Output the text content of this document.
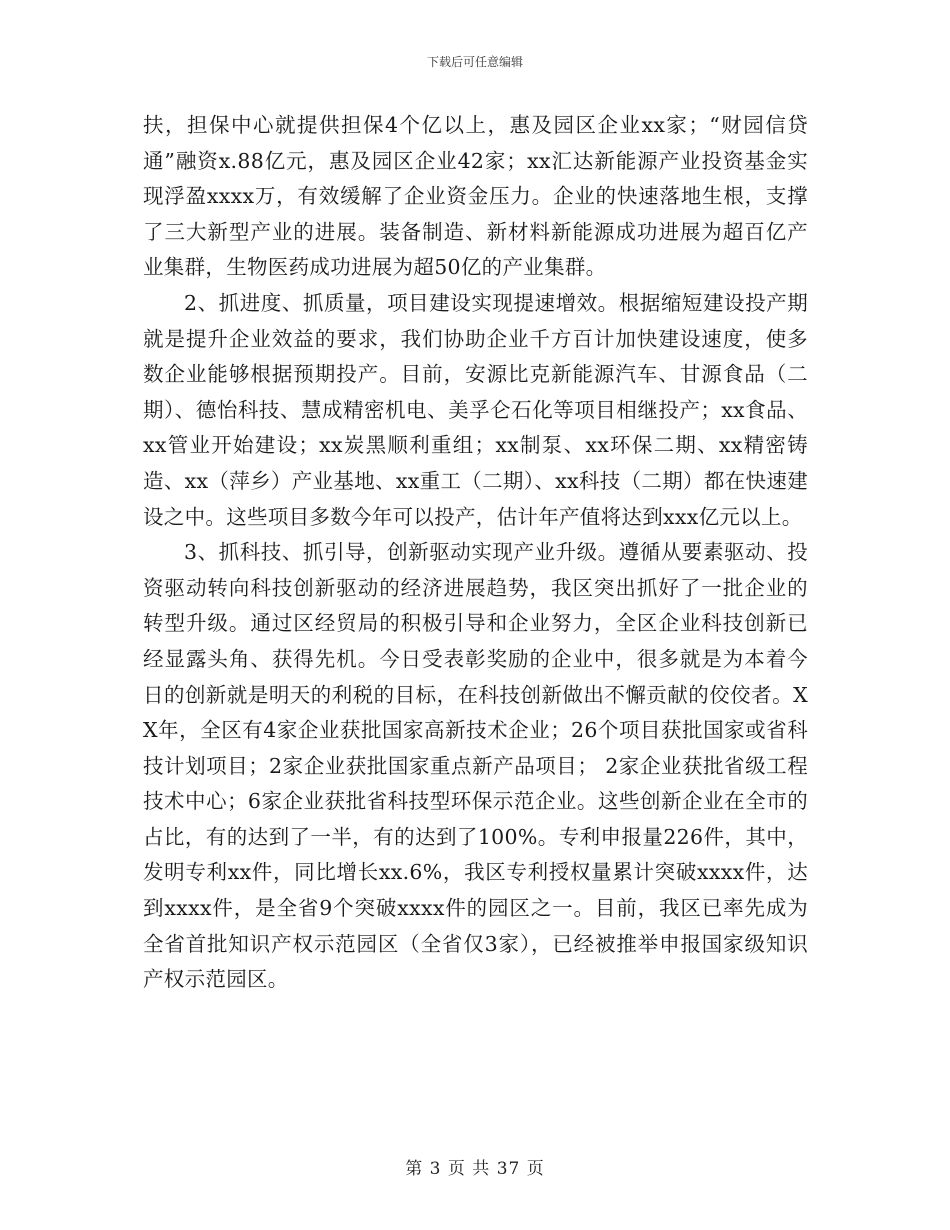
下载后可任意编辑

扶，担保中心就提供担保4个亿以上，惠及园区企业xx家；“财园信贷通”融资x.88亿元，惠及园区企业42家；xx汇达新能源产业投资基金实现浮盈xxxx万，有效缓解了企业资金压力。企业的快速落地生根，支撑了三大新型产业的进展。装备制造、新材料新能源成功进展为超百亿产业集群，生物医药成功进展为超50亿的产业集群。

2、抓进度、抓质量，项目建设实现提速增效。根据缩短建设投产期就是提升企业效益的要求，我们协助企业千方百计加快建设速度，使多数企业能够根据预期投产。目前，安源比克新能源汽车、甘源食品（二期）、德怡科技、慧成精密机电、美孚仑石化等项目相继投产；xx食品、xx管业开始建设；xx炭黑顺利重组；xx制泵、xx环保二期、xx精密铸造、xx（萍乡）产业基地、xx重工（二期）、xx科技（二期）都在快速建设之中。这些项目多数今年可以投产，估计年产值将达到xxx亿元以上。

3、抓科技、抓引导，创新驱动实现产业升级。遵循从要素驱动、投资驱动转向科技创新驱动的经济进展趋势，我区突出抓好了一批企业的转型升级。通过区经贸局的积极引导和企业努力，全区企业科技创新已经显露头角、获得先机。今日受表彰奖励的企业中，很多就是为本着今日的创新就是明天的利税的目标，在科技创新做出不懈贡献的佼佼者。XX年，全区有4家企业获批国家高新技术企业；26个项目获批国家或省科技计划项目；2家企业获批国家重点新产品项目； 2家企业获批省级工程技术中心；6家企业获批省科技型环保示范企业。这些创新企业在全市的占比，有的达到了一半，有的达到了100%。专利申报量226件，其中，发明专利xx件，同比增长xx.6%，我区专利授权量累计突破xxxx件，达到xxxx件，是全省9个突破xxxx件的园区之一。目前，我区已率先成为全省首批知识产权示范园区（全省仅3家），已经被推举申报国家级知识产权示范园区。

第 3 页 共 37 页
